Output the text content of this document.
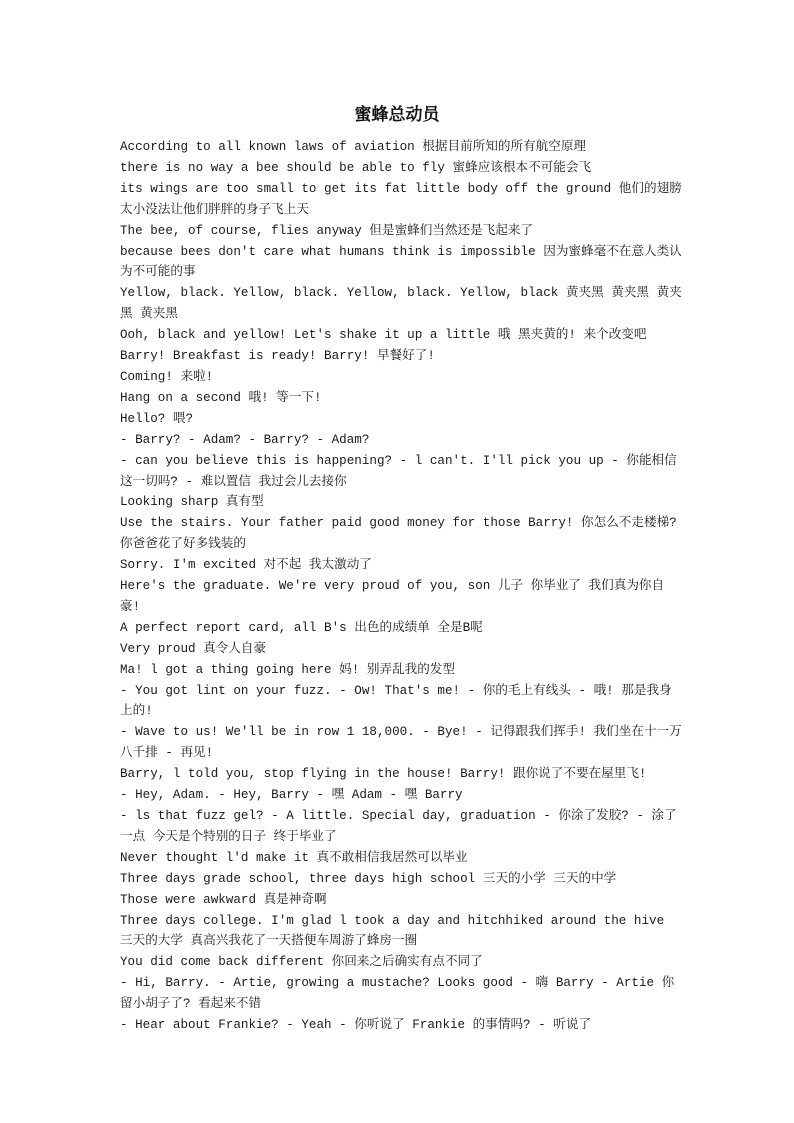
蜜蜂总动员

According to all known laws of aviation 根据目前所知的所有航空原理

there is no way a bee should be able to fly 蜜蜂应该根本不可能会飞

its wings are too small to get its fat little body off the ground 他们的翅膀太小没法让他们胖胖的身子飞上天

The bee, of course, flies anyway 但是蜜蜂们当然还是飞起来了

because bees don't care what humans think is impossible 因为蜜蜂毫不在意人类认为不可能的事

Yellow, black. Yellow, black. Yellow, black. Yellow, black 黄夹黑 黄夹黑 黄夹黑 黄夹黑

Ooh, black and yellow! Let's shake it up a little 哦 黑夹黄的! 来个改变吧

Barry! Breakfast is ready! Barry! 早餐好了!

Coming! 来啦!

Hang on a second 哦! 等一下!

Hello? 喂?

- Barry? - Adam? - Barry? - Adam?

- can you believe this is happening? - l can't. I'll pick you up - 你能相信这一切吗? - 难以置信 我过会儿去接你

Looking sharp 真有型

Use the stairs. Your father paid good money for those Barry! 你怎么不走楼梯? 你爸爸花了好多钱装的

Sorry. I'm excited 对不起 我太激动了

Here's the graduate. We're very proud of you, son 儿子 你毕业了 我们真为你自豪!

A perfect report card, all B's 出色的成绩单 全是B呢

Very proud 真令人自豪

Ma! l got a thing going here 妈! 别弄乱我的发型

- You got lint on your fuzz. - Ow! That's me! - 你的毛上有线头 - 哦! 那是我身上的!

- Wave to us! We'll be in row 1 18,000. - Bye! - 记得跟我们挥手! 我们坐在十一万八千排 - 再见!

Barry, l told you, stop flying in the house! Barry! 跟你说了不要在屋里飞!

- Hey, Adam. - Hey, Barry - 嘿 Adam - 嘿 Barry

- ls that fuzz gel? - A little. Special day, graduation - 你涂了发胶? - 涂了一点 今天是个特别的日子 终于毕业了

Never thought l'd make it 真不敢相信我居然可以毕业

Three days grade school, three days high school 三天的小学 三天的中学

Those were awkward 真是神奇啊

Three days college. I'm glad l took a day and hitchhiked around the hive 三天的大学 真高兴我花了一天搭便车周游了蜂房一圈

You did come back different 你回来之后确实有点不同了

- Hi, Barry. - Artie, growing a mustache? Looks good - 嗨 Barry - Artie 你留小胡子了? 看起来不错

- Hear about Frankie? - Yeah - 你听说了 Frankie 的事情吗? - 听说了
